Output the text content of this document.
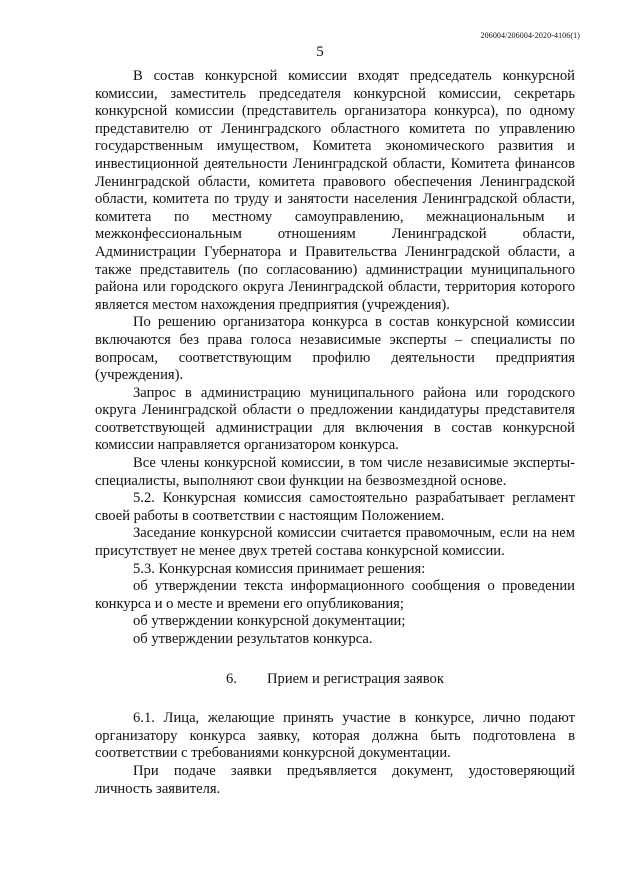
206004/206004-2020-4106(1)
5

В состав конкурсной комиссии входят председатель конкурсной комиссии, заместитель председателя конкурсной комиссии, секретарь конкурсной комиссии (представитель организатора конкурса), по одному представителю от Ленинградского областного комитета по управлению государственным имуществом, Комитета экономического развития и инвестиционной деятельности Ленинградской области, Комитета финансов Ленинградской области, комитета правового обеспечения Ленинградской области, комитета по труду и занятости населения Ленинградской области, комитета по местному самоуправлению, межнациональным и межконфессиональным отношениям Ленинградской области, Администрации Губернатора и Правительства Ленинградской области, а также представитель (по согласованию) администрации муниципального района или городского округа Ленинградской области, территория которого является местом нахождения предприятия (учреждения).

По решению организатора конкурса в состав конкурсной комиссии включаются без права голоса независимые эксперты – специалисты по вопросам, соответствующим профилю деятельности предприятия (учреждения).

Запрос в администрацию муниципального района или городского округа Ленинградской области о предложении кандидатуры представителя соответствующей администрации для включения в состав конкурсной комиссии направляется организатором конкурса.

Все члены конкурсной комиссии, в том числе независимые эксперты-специалисты, выполняют свои функции на безвозмездной основе.

5.2. Конкурсная комиссия самостоятельно разрабатывает регламент своей работы в соответствии с настоящим Положением.

Заседание конкурсной комиссии считается правомочным, если на нем присутствует не менее двух третей состава конкурсной комиссии.

5.3. Конкурсная комиссия принимает решения:

об утверждении текста информационного сообщения о проведении конкурса и о месте и времени его опубликования;

об утверждении конкурсной документации;

об утверждении результатов конкурса.

6. Прием и регистрация заявок

6.1. Лица, желающие принять участие в конкурсе, лично подают организатору конкурса заявку, которая должна быть подготовлена в соответствии с требованиями конкурсной документации.

При подаче заявки предъявляется документ, удостоверяющий личность заявителя.
